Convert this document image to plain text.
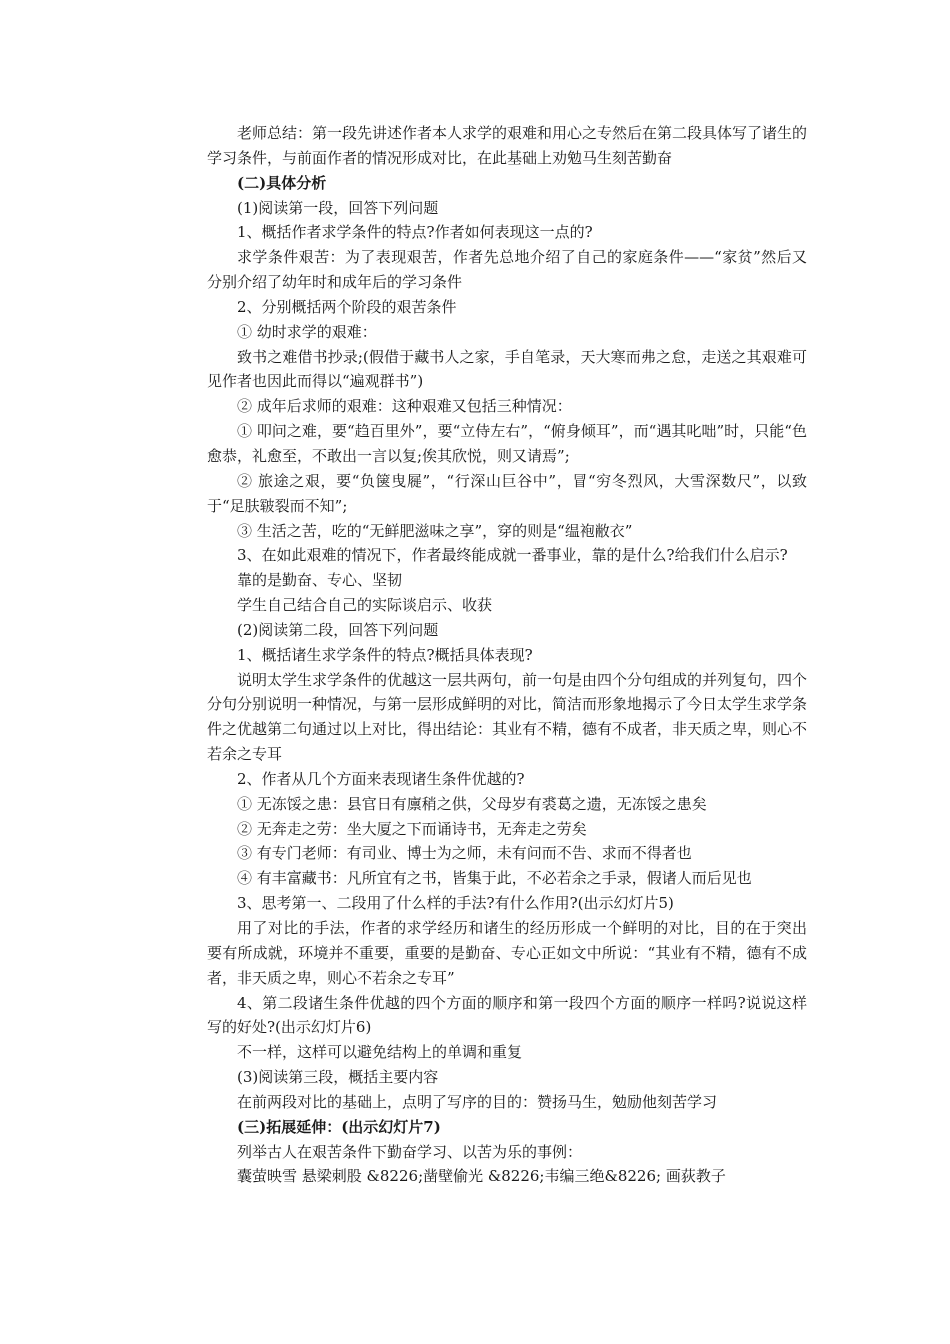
老师总结：第一段先讲述作者本人求学的艰难和用心之专然后在第二段具体写了诸生的学习条件，与前面作者的情况形成对比，在此基础上劝勉马生刻苦勤奋

(二)具体分析

(1)阅读第一段，回答下列问题

1、概括作者求学条件的特点?作者如何表现这一点的?

求学条件艰苦：为了表现艰苦，作者先总地介绍了自己的家庭条件——“家贫”然后又分别介绍了幼年时和成年后的学习条件

2、分别概括两个阶段的艰苦条件

① 幼时求学的艰难：

致书之难借书抄录;(假借于藏书人之家，手自笔录，天大寒而弗之怠，走送之其艰难可见作者也因此而得以“遍观群书”)

② 成年后求师的艰难：这种艰难又包括三种情况：

① 叩问之难，要“趋百里外”，要“立侍左右”，“俯身倾耳”，而“遇其叱咄”时，只能“色愈恭，礼愈至，不敢出一言以复;俟其欣悦，则又请焉”;

② 旅途之艰，要“负箧曳屣”，“行深山巨谷中”，冒“穷冬烈风，大雪深数尺”，以致于“足肤皲裂而不知”;

③ 生活之苦，吃的“无鲜肥滋味之享”，穿的则是“缊袍敝衣”

3、在如此艰难的情况下，作者最终能成就一番事业，靠的是什么?给我们什么启示?

靠的是勤奋、专心、坚韧

学生自己结合自己的实际谈启示、收获

(2)阅读第二段，回答下列问题

1、概括诸生求学条件的特点?概括具体表现?

说明太学生求学条件的优越这一层共两句，前一句是由四个分句组成的并列复句，四个分句分别说明一种情况，与第一层形成鲜明的对比，简洁而形象地揭示了今日太学生求学条件之优越第二句通过以上对比，得出结论：其业有不精，德有不成者，非天质之卑，则心不若余之专耳

2、作者从几个方面来表现诸生条件优越的?

① 无冻馁之患：县官日有廪稍之供，父母岁有裘葛之遗，无冻馁之患矣

② 无奔走之劳：坐大厦之下而诵诗书，无奔走之劳矣

③ 有专门老师：有司业、博士为之师，未有问而不告、求而不得者也

④ 有丰富藏书：凡所宜有之书，皆集于此，不必若余之手录，假诸人而后见也

3、思考第一、二段用了什么样的手法?有什么作用?(出示幻灯片5)

用了对比的手法，作者的求学经历和诸生的经历形成一个鲜明的对比，目的在于突出 要有所成就，环境并不重要，重要的是勤奋、专心正如文中所说：“其业有不精，德有不成者，非天质之卑，则心不若余之专耳”

4、第二段诸生条件优越的四个方面的顺序和第一段四个方面的顺序一样吗?说说这样写的好处?(出示幻灯片6)

不一样，这样可以避免结构上的单调和重复

(3)阅读第三段，概括主要内容

在前两段对比的基础上，点明了写序的目的：赞扬马生，勉励他刻苦学习

(三)拓展延伸：(出示幻灯片7)

列举古人在艰苦条件下勤奋学习、以苦为乐的事例：

囊萤映雪 悬梁刺股 &8226;凿壁偷光 &8226;韦编三绝&8226; 画荻教子
